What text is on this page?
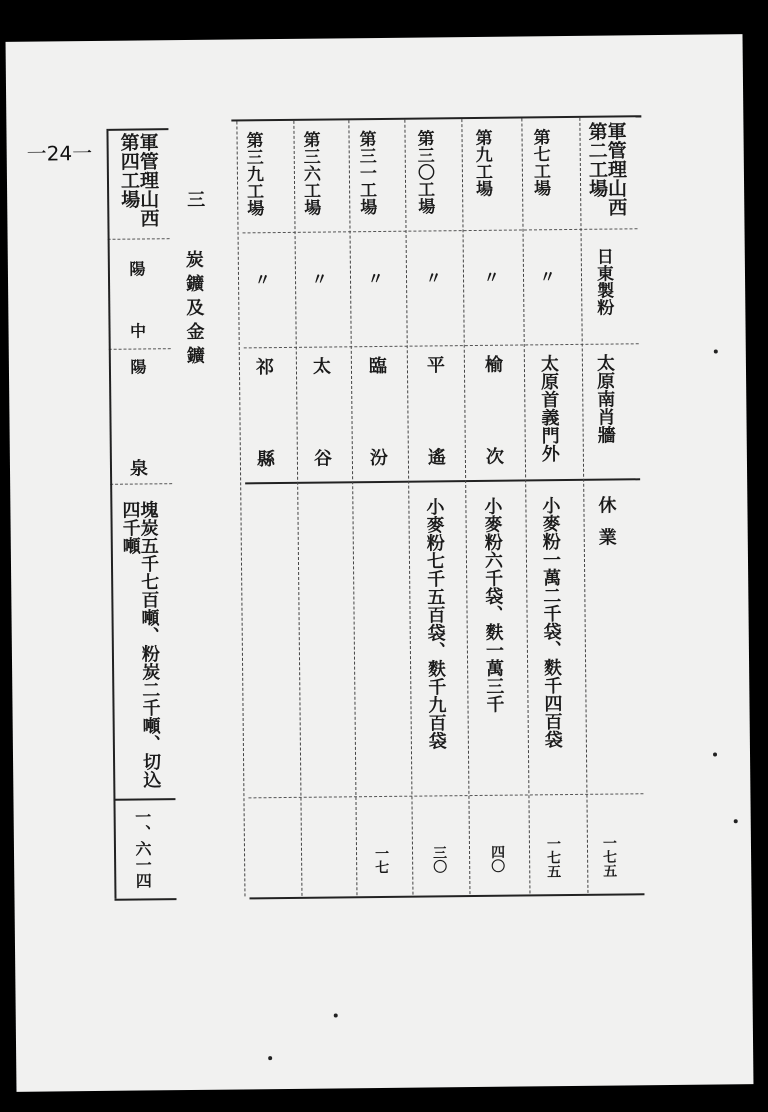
一24一	軍管理山西第二工場
日東製粉
太原南肖牆
休業
一七五
第七工場
〃
太原首義門外
小麥粉一萬二千袋、麩千四百袋
一七五
第九工場
〃
榆
次
小麥粉六千袋、麩一萬三千
四〇
第三〇工場
〃
平
遙
小麥粉七千五百袋、麩千九百袋
三〇
第三一工場
〃
臨
汾
一七
第三六工場
〃
太
谷
第三九工場
〃
祁
縣
三
炭鑛及金鑛
軍管理山西第四工場
陽
中
陽
泉
塊炭五千七百噸、粉炭二千噸、切込四千噸
一、六一四
